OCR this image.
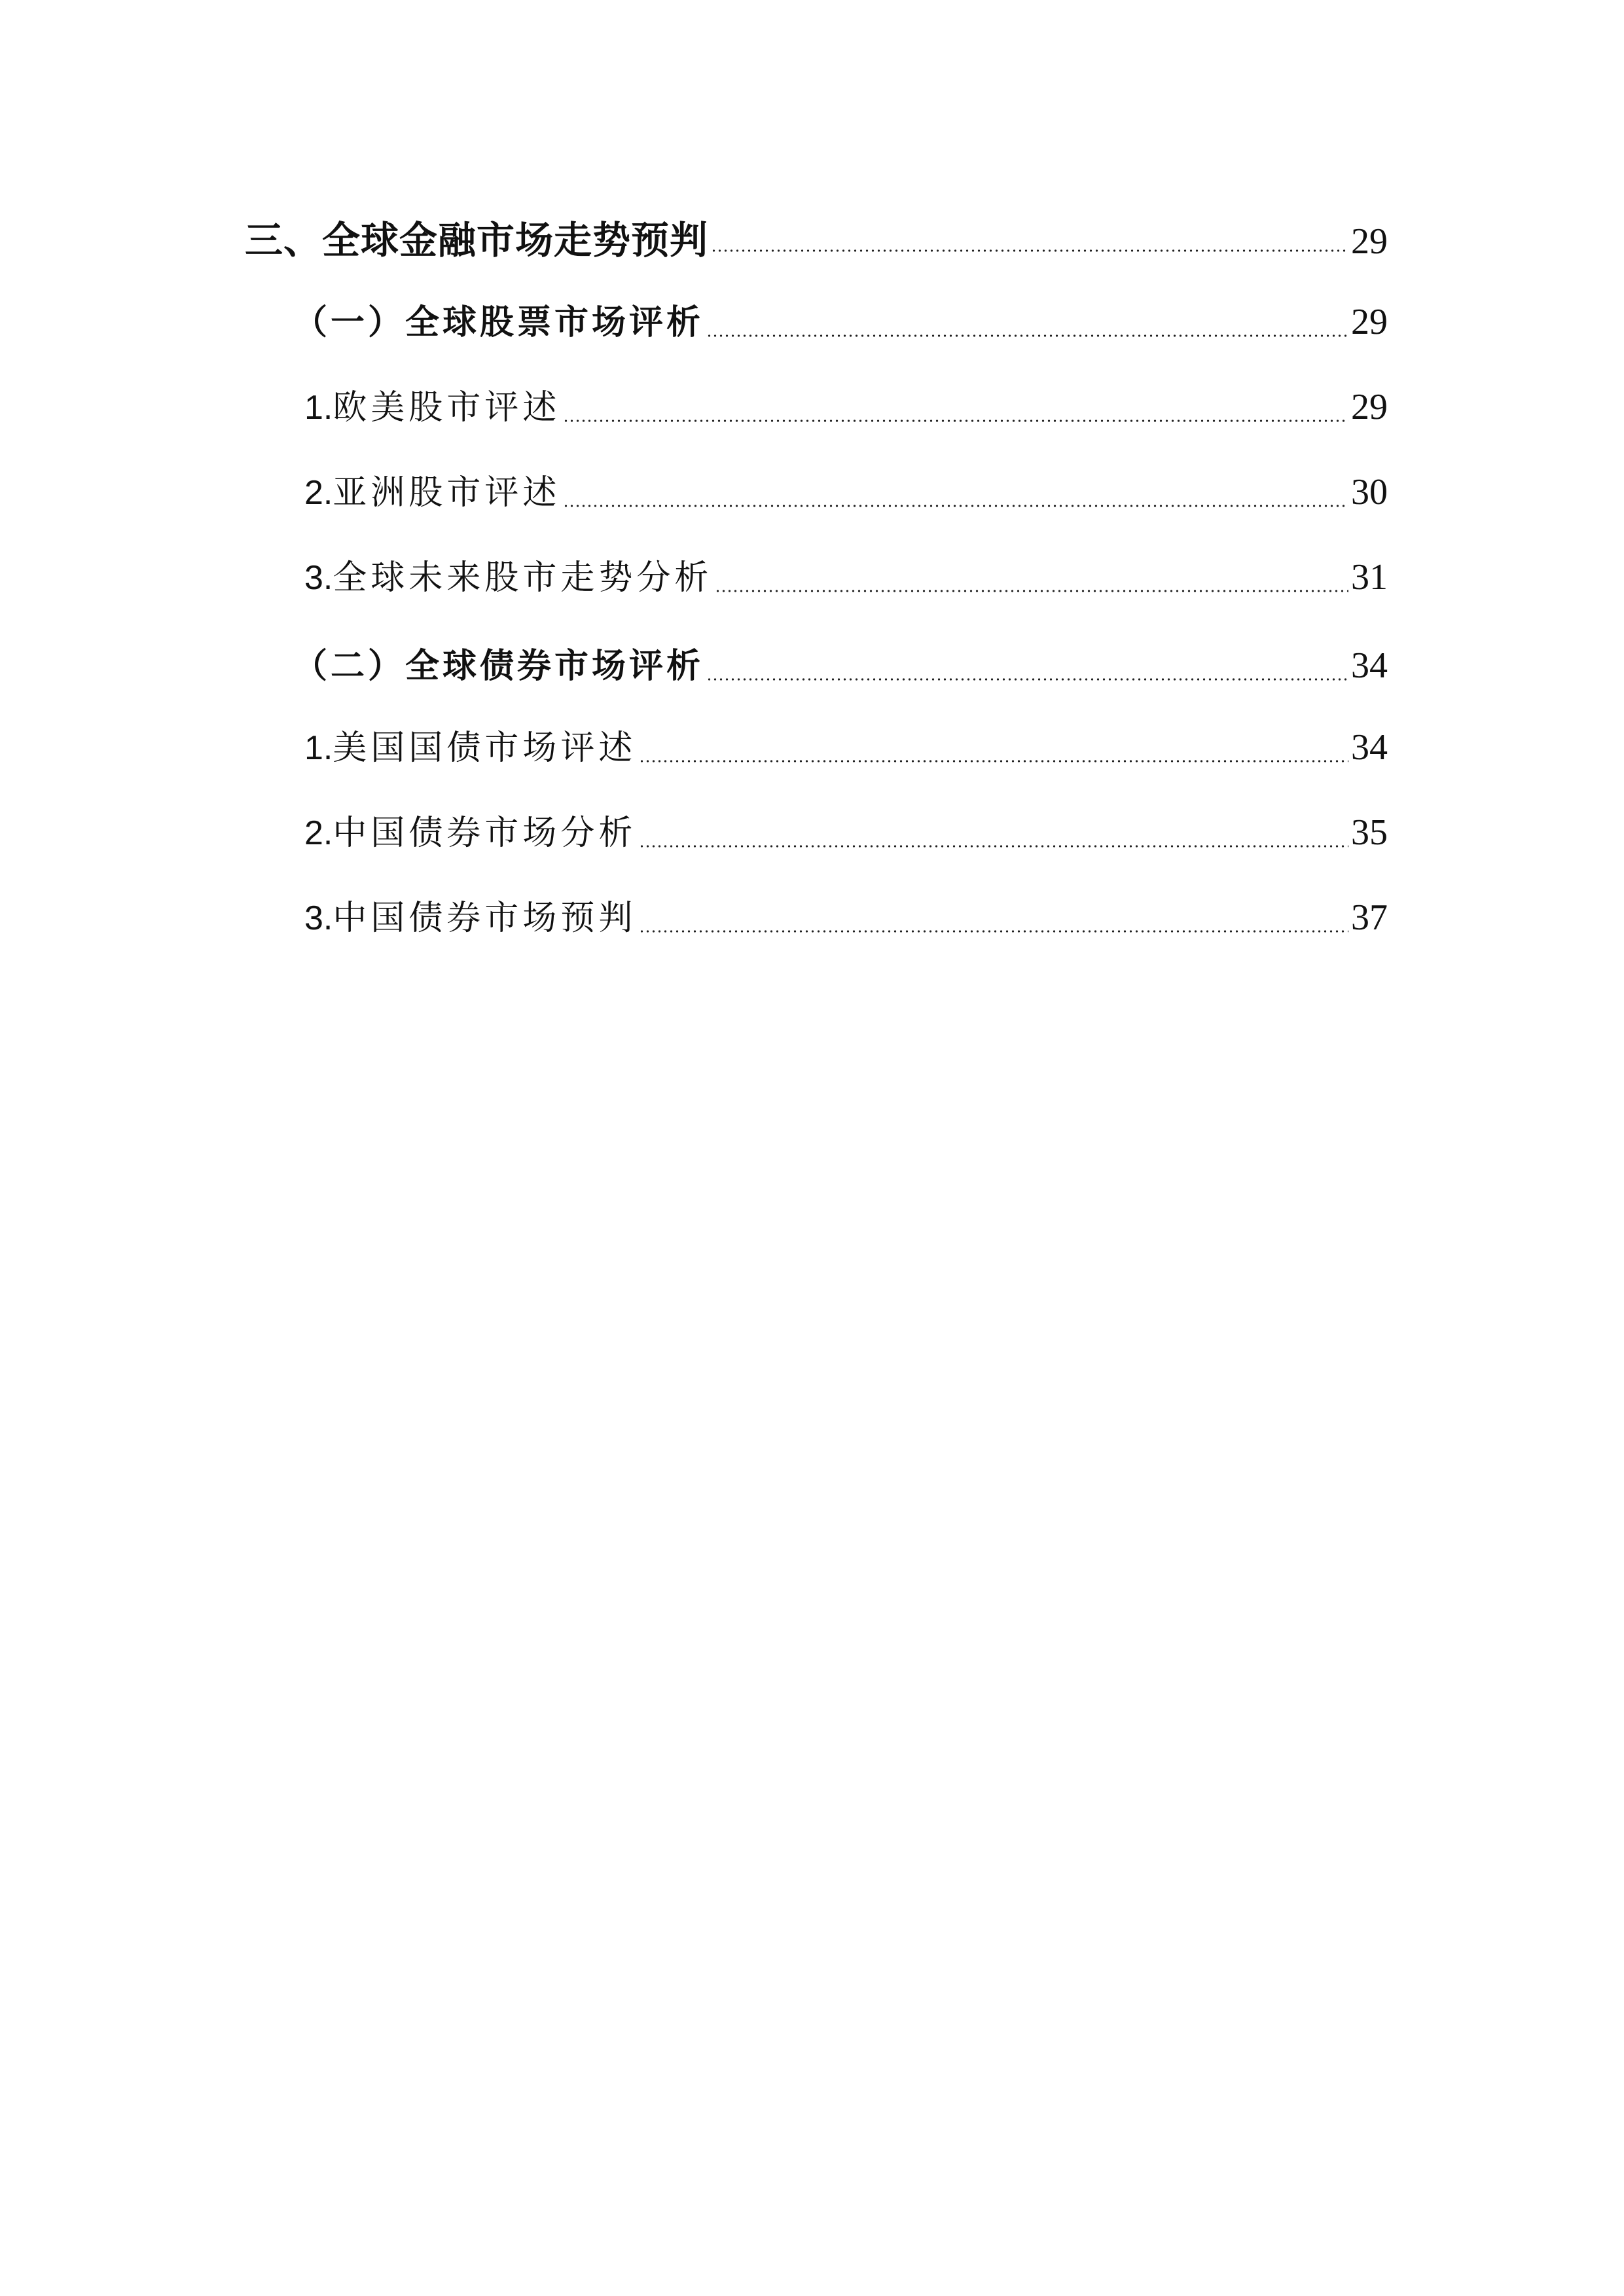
三、全球金融市场走势预判	29
（一）全球股票市场评析	29
1.欧美股市评述	29
2.亚洲股市评述	30
3.全球未来股市走势分析	31
（二）全球债券市场评析	34
1.美国国债市场评述	34
2.中国债券市场分析	35
3.中国债券市场预判	37
